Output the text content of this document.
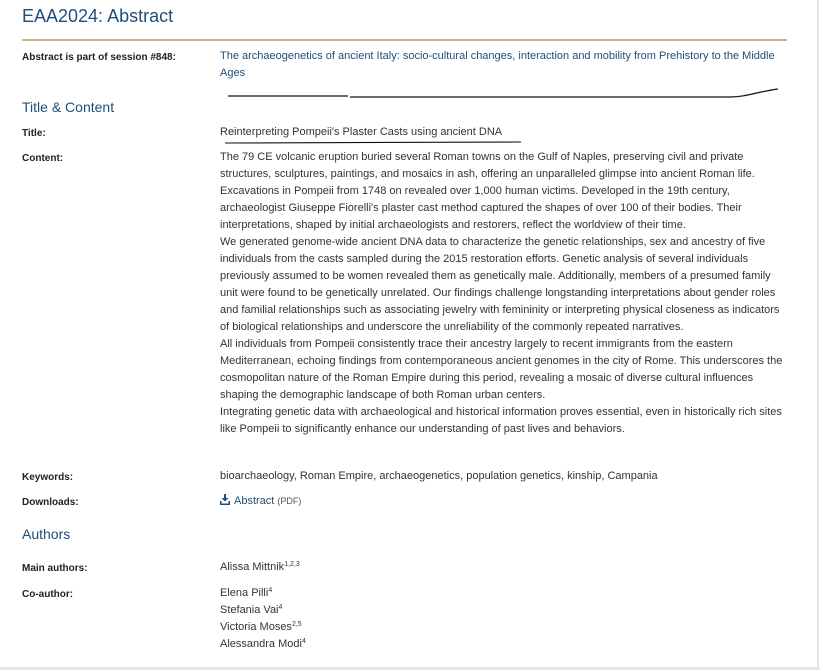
EAA2024: Abstract
Abstract is part of session #848:	The archaeogenetics of ancient Italy: socio-cultural changes, interaction and mobility from Prehistory to the Middle Ages
Title & Content
Title:	Reinterpreting Pompeii's Plaster Casts using ancient DNA
Content:	The 79 CE volcanic eruption buried several Roman towns on the Gulf of Naples, preserving civil and private structures, sculptures, paintings, and mosaics in ash, offering an unparalleled glimpse into ancient Roman life. Excavations in Pompeii from 1748 on revealed over 1,000 human victims. Developed in the 19th century, archaeologist Giuseppe Fiorelli's plaster cast method captured the shapes of over 100 of their bodies. Their interpretations, shaped by initial archaeologists and restorers, reflect the worldview of their time.

We generated genome-wide ancient DNA data to characterize the genetic relationships, sex and ancestry of five individuals from the casts sampled during the 2015 restoration efforts. Genetic analysis of several individuals previously assumed to be women revealed them as genetically male. Additionally, members of a presumed family unit were found to be genetically unrelated. Our findings challenge longstanding interpretations about gender roles and familial relationships such as associating jewelry with femininity or interpreting physical closeness as indicators of biological relationships and underscore the unreliability of the commonly repeated narratives.

All individuals from Pompeii consistently trace their ancestry largely to recent immigrants from the eastern Mediterranean, echoing findings from contemporaneous ancient genomes in the city of Rome. This underscores the cosmopolitan nature of the Roman Empire during this period, revealing a mosaic of diverse cultural influences shaping the demographic landscape of both Roman urban centers.

Integrating genetic data with archaeological and historical information proves essential, even in historically rich sites like Pompeii to significantly enhance our understanding of past lives and behaviors.

Keywords:	bioarchaeology, Roman Empire, archaeogenetics, population genetics, kinship, Campania
Downloads:	Abstract (PDF)
Authors
Main authors:	Alissa Mittnik$^{1,2,3}$

Co-author:	Elena Pilli$^4$

Stefania Vai$^4$

Victoria Moses$^{2,5}$

Alessandra Modi$^4$
